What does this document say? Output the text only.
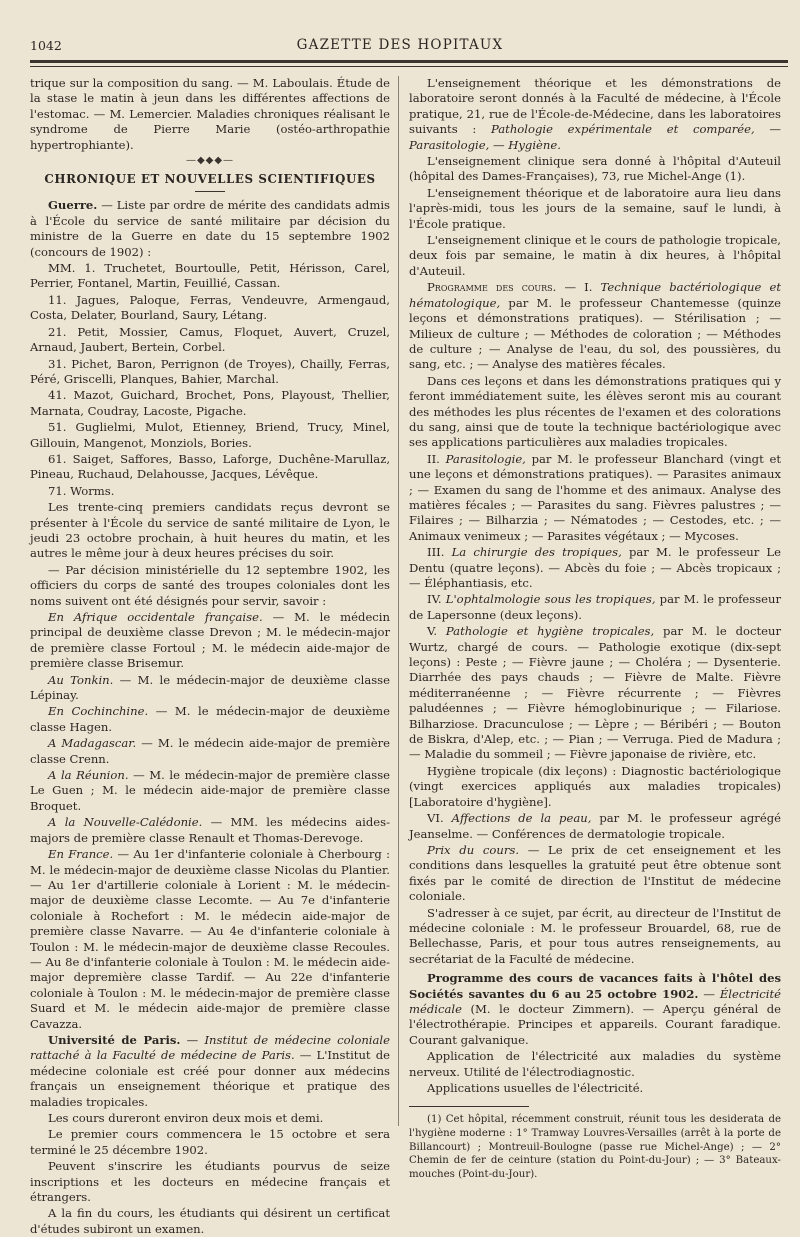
1042	GAZETTE DES HOPITAUX

trique sur la composition du sang. — M. Laboulais. Étude de la stase le matin à jeun dans les différentes affections de l'estomac. — M. Lemercier. Maladies chroniques réalisant le syndrome de Pierre Marie (ostéo-arthropathie hypertrophiante).

—◆◆◆—
CHRONIQUE ET NOUVELLES SCIENTIFIQUES

Guerre. — Liste par ordre de mérite des candidats admis à l'École du service de santé militaire par décision du ministre de la Guerre en date du 15 septembre 1902 (concours de 1902) :

MM. 1. Truchetet, Bourtoulle, Petit, Hérisson, Carel, Perrier, Fontanel, Martin, Feuillié, Cassan.

11. Jagues, Paloque, Ferras, Vendeuvre, Armengaud, Costa, Delater, Bourland, Saury, Létang.

21. Petit, Mossier, Camus, Floquet, Auvert, Cruzel, Arnaud, Jaubert, Bertein, Corbel.

31. Pichet, Baron, Perrignon (de Troyes), Chailly, Ferras, Péré, Griscelli, Planques, Bahier, Marchal.

41. Mazot, Guichard, Brochet, Pons, Playoust, Thellier, Marnata, Coudray, Lacoste, Pigache.

51. Guglielmi, Mulot, Etienney, Briend, Trucy, Minel, Gillouin, Mangenot, Monziols, Bories.

61. Saiget, Saffores, Basso, Laforge, Duchêne-Marullaz, Pineau, Ruchaud, Delahousse, Jacques, Lévêque.

71. Worms.

Les trente-cinq premiers candidats reçus devront se présenter à l'École du service de santé militaire de Lyon, le jeudi 23 octobre prochain, à huit heures du matin, et les autres le même jour à deux heures précises du soir.

— Par décision ministérielle du 12 septembre 1902, les officiers du corps de santé des troupes coloniales dont les noms suivent ont été désignés pour servir, savoir :

En Afrique occidentale française. — M. le médecin principal de deuxième classe Drevon ; M. le médecin-major de première classe Fortoul ; M. le médecin aide-major de première classe Brisemur.

Au Tonkin. — M. le médecin-major de deuxième classe Lépinay.

En Cochinchine. — M. le médecin-major de deuxième classe Hagen.

A Madagascar. — M. le médecin aide-major de première classe Crenn.

A la Réunion. — M. le médecin-major de première classe Le Guen ; M. le médecin aide-major de première classe Broquet.

A la Nouvelle-Calédonie. — MM. les médecins aides-majors de première classe Renault et Thomas-Derevoge.

En France. — Au 1er d'infanterie coloniale à Cherbourg : M. le médecin-major de deuxième classe Nicolas du Plantier. — Au 1er d'artillerie coloniale à Lorient : M. le médecin-major de deuxième classe Lecomte. — Au 7e d'infanterie coloniale à Rochefort : M. le médecin aide-major de première classe Navarre. — Au 4e d'infanterie coloniale à Toulon : M. le médecin-major de deuxième classe Recoules. — Au 8e d'infanterie coloniale à Toulon : M. le médecin aide-major depremière classe Tardif. — Au 22e d'infanterie coloniale à Toulon : M. le médecin-major de première classe Suard et M. le médecin aide-major de première classe Cavazza.

Université de Paris. — Institut de médecine coloniale rattaché à la Faculté de médecine de Paris. — L'Institut de médecine coloniale est créé pour donner aux médecins français un enseignement théorique et pratique des maladies tropicales.

Les cours dureront environ deux mois et demi.

Le premier cours commencera le 15 octobre et sera terminé le 25 décembre 1902.

Peuvent s'inscrire les étudiants pourvus de seize inscriptions et les docteurs en médecine français et étrangers.

A la fin du cours, les étudiants qui désirent un certificat d'études subiront un examen.

L'enseignement théorique et les démonstrations de laboratoire seront donnés à la Faculté de médecine, à l'École pratique, 21, rue de l'École-de-Médecine, dans les laboratoires suivants : Pathologie expérimentale et comparée, — Parasitologie, — Hygiène.

L'enseignement clinique sera donné à l'hôpital d'Auteuil (hôpital des Dames-Françaises), 73, rue Michel-Ange (1).

L'enseignement théorique et de laboratoire aura lieu dans l'après-midi, tous les jours de la semaine, sauf le lundi, à l'École pratique.

L'enseignement clinique et le cours de pathologie tropicale, deux fois par semaine, le matin à dix heures, à l'hôpital d'Auteuil.

Programme des cours. — I. Technique bactériologique et hématologique, par M. le professeur Chantemesse (quinze leçons et démonstrations pratiques). — Stérilisation ; — Milieux de culture ; — Méthodes de coloration ; — Méthodes de culture ; — Analyse de l'eau, du sol, des poussières, du sang, etc. ; — Analyse des matières fécales.

Dans ces leçons et dans les démonstrations pratiques qui y feront immédiatement suite, les élèves seront mis au courant des méthodes les plus récentes de l'examen et des colorations du sang, ainsi que de toute la technique bactériologique avec ses applications particulières aux maladies tropicales.

II. Parasitologie, par M. le professeur Blanchard (vingt et une leçons et démonstrations pratiques). — Parasites animaux ; — Examen du sang de l'homme et des animaux. Analyse des matières fécales ; — Parasites du sang. Fièvres palustres ; — Filaires ; — Bilharzia ; — Nématodes ; — Cestodes, etc. ; — Animaux venimeux ; — Parasites végétaux ; — Mycoses.

III. La chirurgie des tropiques, par M. le professeur Le Dentu (quatre leçons). — Abcès du foie ; — Abcès tropicaux ; — Éléphantiasis, etc.

IV. L'ophtalmologie sous les tropiques, par M. le professeur de Lapersonne (deux leçons).

V. Pathologie et hygiène tropicales, par M. le docteur Wurtz, chargé de cours. — Pathologie exotique (dix-sept leçons) : Peste ; — Fièvre jaune ; — Choléra ; — Dysenterie. Diarrhée des pays chauds ; — Fièvre de Malte. Fièvre méditerranéenne ; — Fièvre récurrente ; — Fièvres paludéennes ; — Fièvre hémoglobinurique ; — Filariose. Bilharziose. Dracunculose ; — Lèpre ; — Béribéri ; — Bouton de Biskra, d'Alep, etc. ; — Pian ; — Verruga. Pied de Madura ; — Maladie du sommeil ; — Fièvre japonaise de rivière, etc.

Hygiène tropicale (dix leçons) : Diagnostic bactériologique (vingt exercices appliqués aux maladies tropicales) [Laboratoire d'hygiène].

VI. Affections de la peau, par M. le professeur agrégé Jeanselme. — Conférences de dermatologie tropicale.

Prix du cours. — Le prix de cet enseignement et les conditions dans lesquelles la gratuité peut être obtenue sont fixés par le comité de direction de l'Institut de médecine coloniale.

S'adresser à ce sujet, par écrit, au directeur de l'Institut de médecine coloniale : M. le professeur Brouardel, 68, rue de Bellechasse, Paris, et pour tous autres renseignements, au secrétariat de la Faculté de médecine.

Programme des cours de vacances faits à l'hôtel des Sociétés savantes du 6 au 25 octobre 1902. — Électricité médicale (M. le docteur Zimmern). — Aperçu général de l'électrothérapie. Principes et appareils. Courant faradique. Courant galvanique.

Application de l'électricité aux maladies du système nerveux. Utilité de l'électrodiagnostic.

Applications usuelles de l'électricité.

(1) Cet hôpital, récemment construit, réunit tous les desiderata de l'hygiène moderne : 1° Tramway Louvres-Versailles (arrêt à la porte de Billancourt) ; Montreuil-Boulogne (passe rue Michel-Ange) ; — 2° Chemin de fer de ceinture (station du Point-du-Jour) ; — 3° Bateaux-mouches (Point-du-Jour).
